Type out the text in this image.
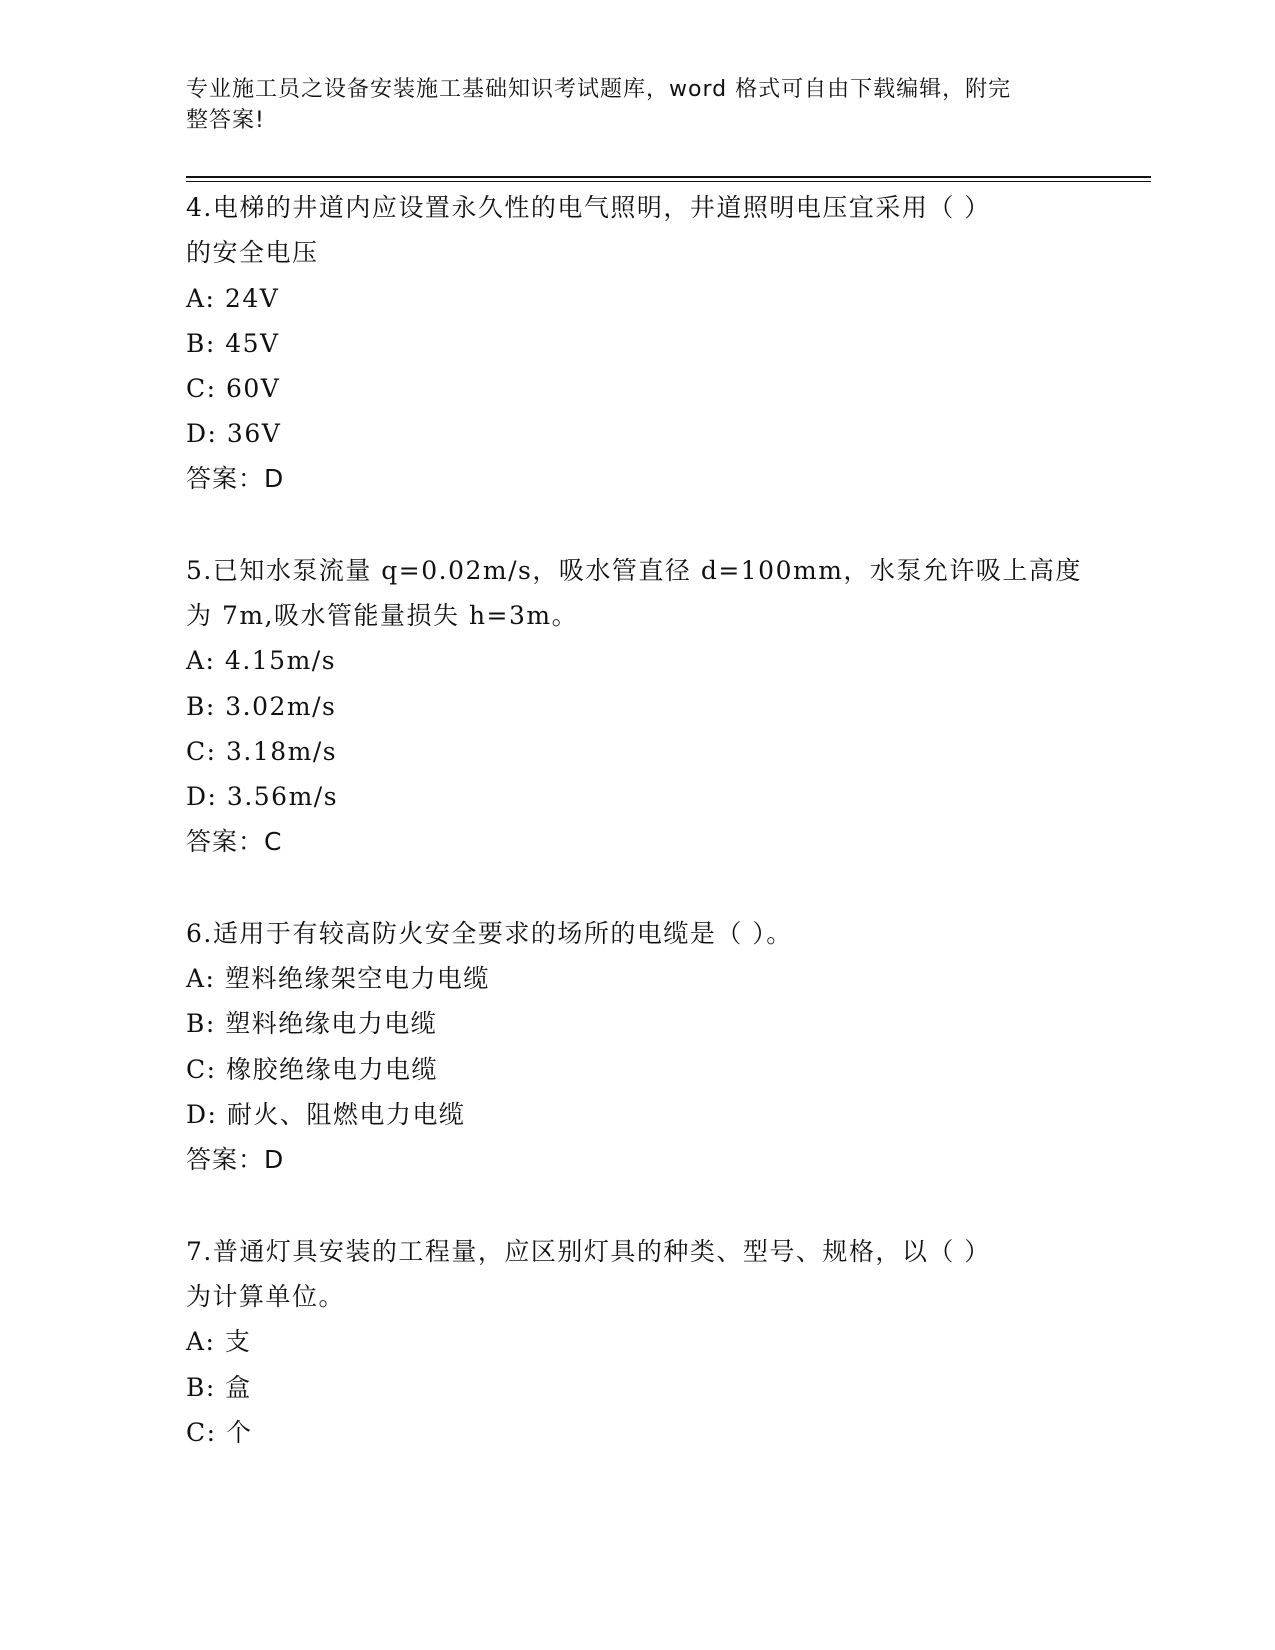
专业施工员之设备安装施工基础知识考试题库，word 格式可自由下载编辑，附完
整答案!
4.电梯的井道内应设置永久性的电气照明，井道照明电压宜采用（ ）
的安全电压
A: 24V
B: 45V
C: 60V
D: 36V
答案：D
5.已知水泵流量 q=0.02m/s，吸水管直径 d=100mm，水泵允许吸上高度
为 7m,吸水管能量损失 h=3m。
A: 4.15m/s
B: 3.02m/s
C: 3.18m/s
D: 3.56m/s
答案：C
6.适用于有较高防火安全要求的场所的电缆是（ ）。
A: 塑料绝缘架空电力电缆
B: 塑料绝缘电力电缆
C: 橡胶绝缘电力电缆
D: 耐火、阻燃电力电缆
答案：D
7.普通灯具安装的工程量，应区别灯具的种类、型号、规格，以（ ）
为计算单位。
A: 支
B: 盒
C: 个
